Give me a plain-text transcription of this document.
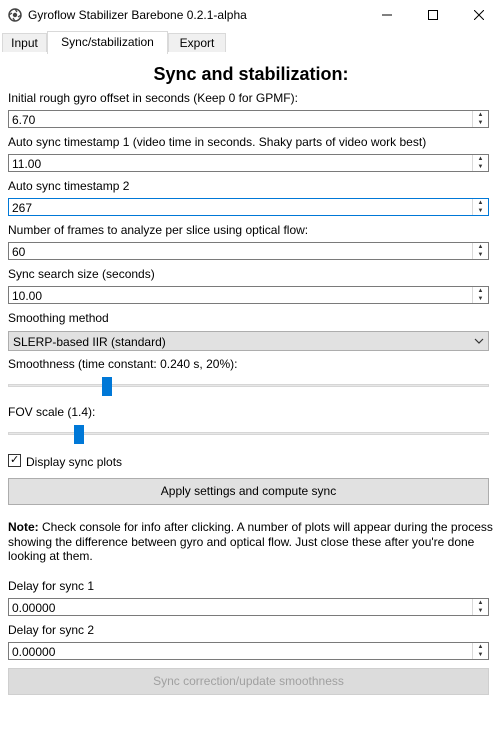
Gyroflow Stabilizer Barebone 0.2.1-alpha
Input	Sync/stabilization	Export
Sync and stabilization:
Initial rough gyro offset in seconds (Keep 0 for GPMF):
6.70	▲
▼
Auto sync timestamp 1 (video time in seconds. Shaky parts of video work best)
11.00	▲
▼
Auto sync timestamp 2
267	▲
▼
Number of frames to analyze per slice using optical flow:
60	▲
▼
Sync search size (seconds)
10.00	▲
▼
Smoothing method
SLERP-based IIR (standard)
Smoothness (time constant: 0.240 s, 20%):
FOV scale (1.4):
✓ Display sync plots
Apply settings and compute sync
Note: Check console for info after clicking. A number of plots will appear during the process showing the difference between gyro and optical flow. Just close these after you're done looking at them.
Delay for sync 1
0.00000	▲
▼
Delay for sync 2
0.00000	▲
▼
Sync correction/update smoothness
